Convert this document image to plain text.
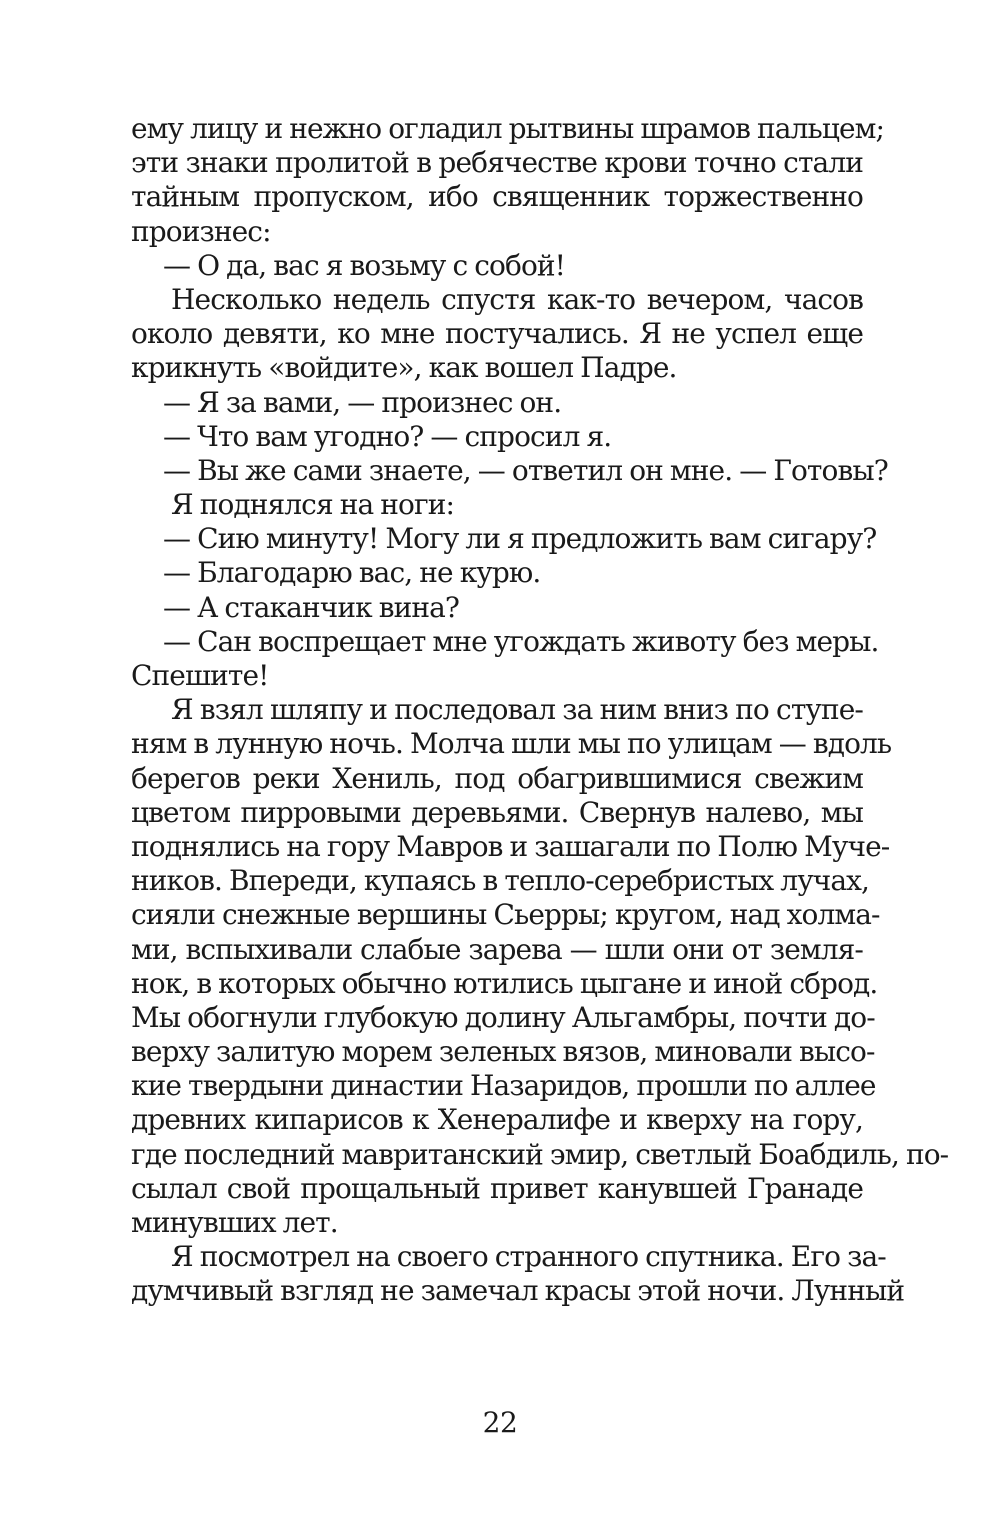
ему лицу и нежно огладил рытвины шрамов пальцем;
эти знаки пролитой в ребячестве крови точно стали
тайным пропуском, ибо священник торжественно
произнес:
— О да, вас я возьму с собой!
Несколько недель спустя как-то вечером, часов
около девяти, ко мне постучались. Я не успел еще
крикнуть «войдите», как вошел Падре.
— Я за вами, — произнес он.
— Что вам угодно? — спросил я.
— Вы же сами знаете, — ответил он мне. — Готовы?
Я поднялся на ноги:
— Сию минуту! Могу ли я предложить вам сигару?
— Благодарю вас, не курю.
— А стаканчик вина?
— Сан воспрещает мне угождать животу без меры.
Спешите!
Я взял шляпу и последовал за ним вниз по ступе-
ням в лунную ночь. Молча шли мы по улицам — вдоль
берегов реки Хениль, под обагрившимися свежим
цветом пирровыми деревьями. Свернув налево, мы
поднялись на гору Мавров и зашагали по Полю Муче-
ников. Впереди, купаясь в тепло-серебристых лучах,
сияли снежные вершины Сьерры; кругом, над холма-
ми, вспыхивали слабые зарева — шли они от земля-
нок, в которых обычно ютились цыгане и иной сброд.
Мы обогнули глубокую долину Альгамбры, почти до-
верху залитую морем зеленых вязов, миновали высо-
кие твердыни династии Назаридов, прошли по аллее
древних кипарисов к Хенералифе и кверху на гору,
где последний мавританский эмир, светлый Боабдиль, по-
сылал свой прощальный привет канувшей Гранаде
минувших лет.
Я посмотрел на своего странного спутника. Его за-
думчивый взгляд не замечал красы этой ночи. Лунный
22
